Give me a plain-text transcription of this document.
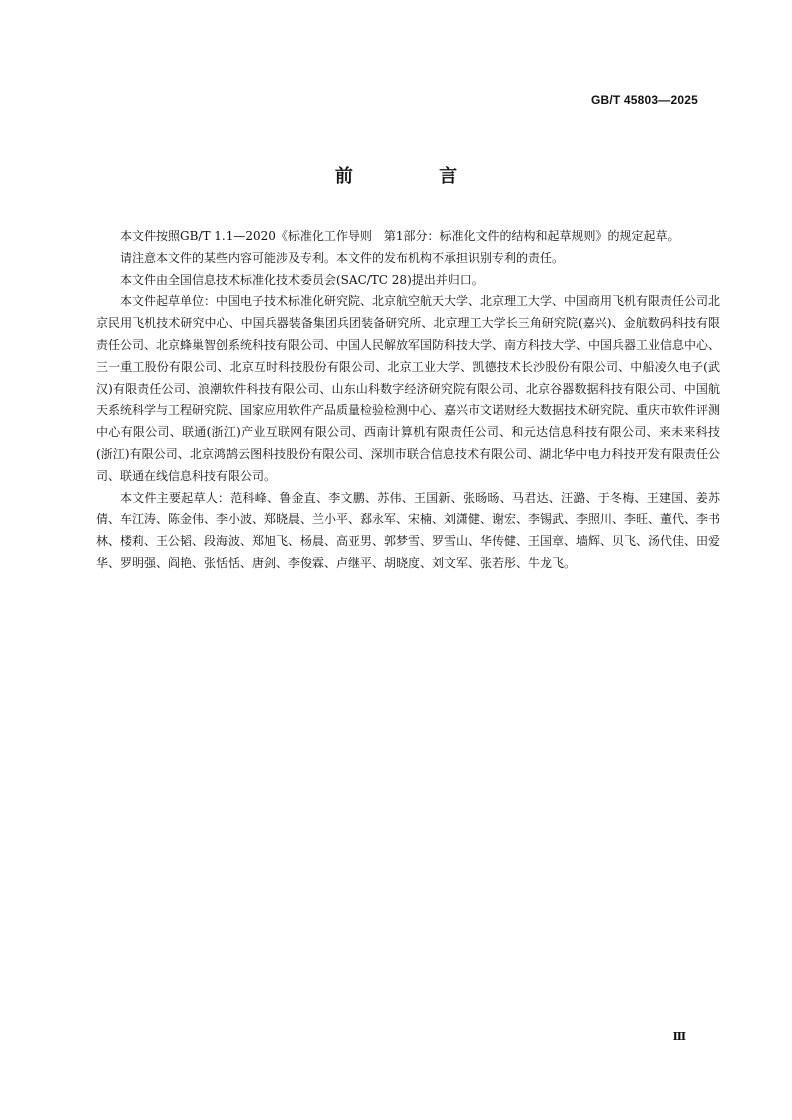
GB/T 45803—2025
前 言

本文件按照GB/T 1.1—2020《标准化工作导则　第1部分：标准化文件的结构和起草规则》的规定起草。

请注意本文件的某些内容可能涉及专利。本文件的发布机构不承担识别专利的责任。

本文件由全国信息技术标准化技术委员会(SAC/TC 28)提出并归口。

本文件起草单位：中国电子技术标准化研究院、北京航空航天大学、北京理工大学、中国商用飞机有限责任公司北京民用飞机技术研究中心、中国兵器装备集团兵团装备研究所、北京理工大学长三角研究院(嘉兴)、金航数码科技有限责任公司、北京蜂巢智创系统科技有限公司、中国人民解放军国防科技大学、南方科技大学、中国兵器工业信息中心、三一重工股份有限公司、北京互时科技股份有限公司、北京工业大学、凯德技术长沙股份有限公司、中船凌久电子(武汉)有限责任公司、浪潮软件科技有限公司、山东山科数字经济研究院有限公司、北京谷器数据科技有限公司、中国航天系统科学与工程研究院、国家应用软件产品质量检验检测中心、嘉兴市文诺财经大数据技术研究院、重庆市软件评测中心有限公司、联通(浙江)产业互联网有限公司、西南计算机有限责任公司、和元达信息科技有限公司、来未来科技(浙江)有限公司、北京鸿鹄云图科技股份有限公司、深圳市联合信息技术有限公司、湖北华中电力科技开发有限责任公司、联通在线信息科技有限公司。

本文件主要起草人：范科峰、鲁金直、李文鹏、苏伟、王国新、张旸旸、马君达、汪潞、于冬梅、王建国、姜苏倩、车江涛、陈金伟、李小波、郑晓晨、兰小平、郄永军、宋楠、刘潇健、谢宏、李锡武、李照川、李旺、董代、李书林、楼莉、王公韬、段海波、郑旭飞、杨晨、高亚男、郭梦雪、罗雪山、华传健、王国章、墙辉、贝飞、汤代佳、田爱华、罗明强、阎艳、张恬恬、唐剑、李俊霖、卢继平、胡晓度、刘文军、张若彤、牛龙飞。

Ⅲ
